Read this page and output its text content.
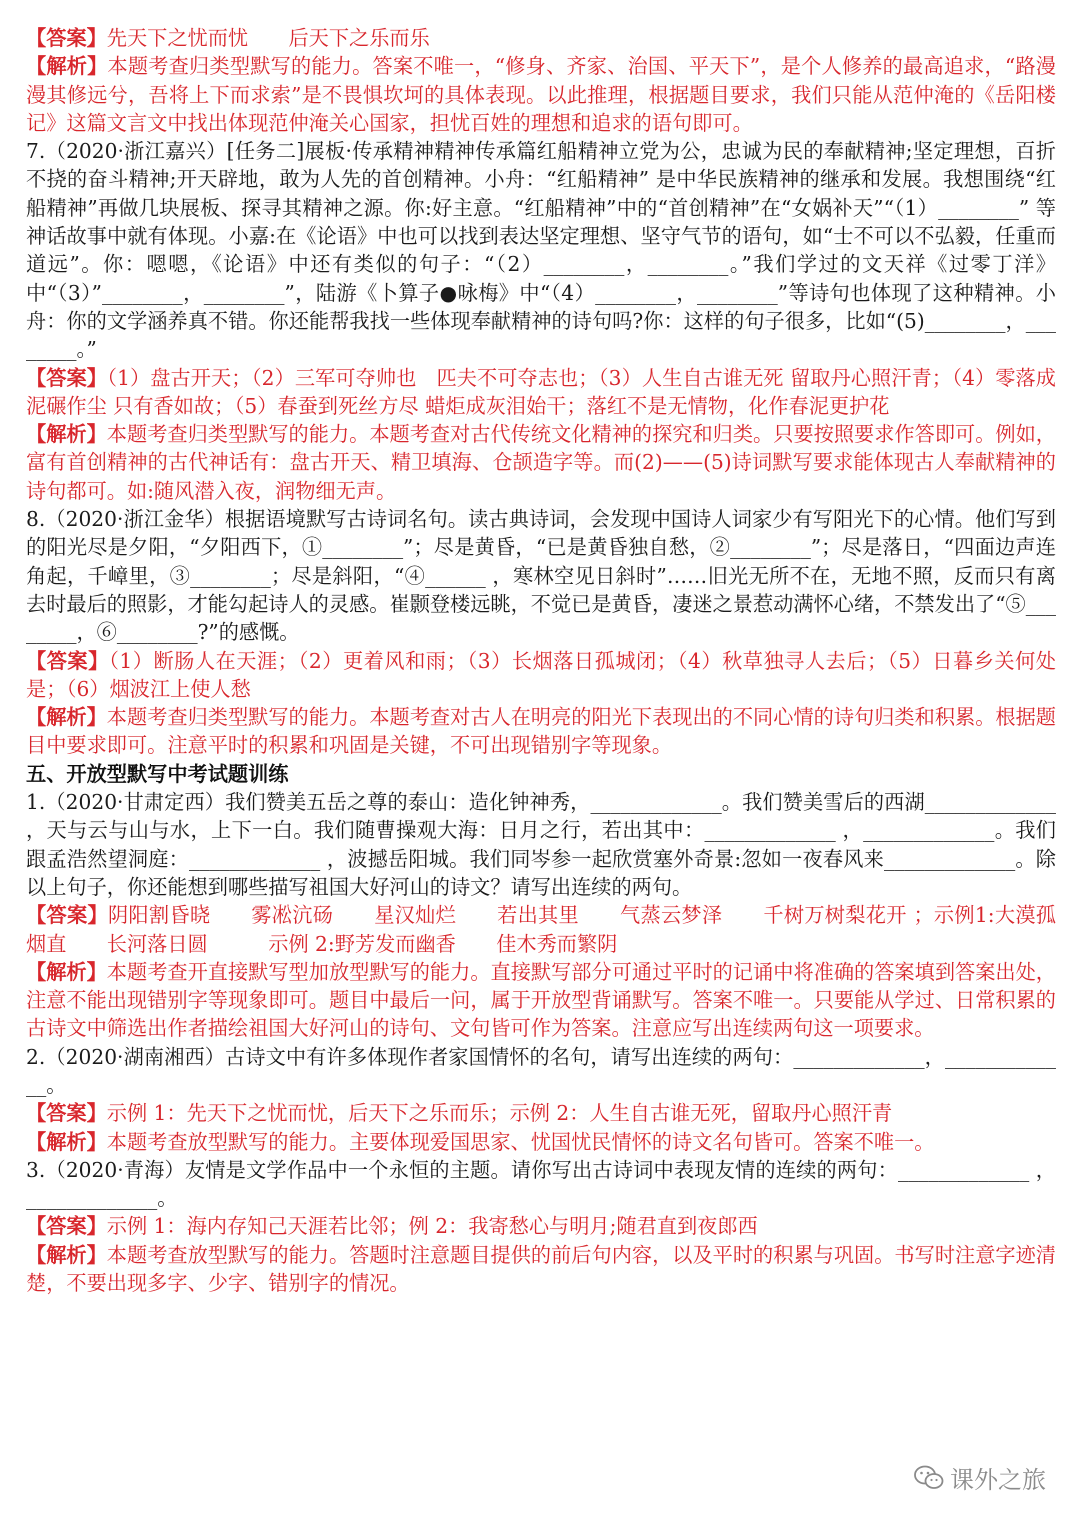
【答案】先天下之忧而忧　　后天下之乐而乐

【解析】本题考查归类型默写的能力。答案不唯一，“修身、齐家、治国、平天下”，是个人修养的最高追求，“路漫漫其修远兮，吾将上下而求索”是不畏惧坎坷的具体表现。以此推理，根据题目要求，我们只能从范仲淹的《岳阳楼记》这篇文言文中找出体现范仲淹关心国家，担忧百姓的理想和追求的语句即可。

7.（2020·浙江嘉兴）[任务二]展板·传承精神精神传承篇红船精神立党为公，忠诚为民的奉献精神;坚定理想，百折不挠的奋斗精神;开天辟地，敢为人先的首创精神。小舟：“红船精神” 是中华民族精神的继承和发展。我想围绕“红船精神”再做几块展板、探寻其精神之源。你:好主意。“红船精神”中的“首创精神”在“女娲补天”“（1）________” 等神话故事中就有体现。小嘉:在《论语》中也可以找到表达坚定理想、坚守气节的语句，如“士不可以不弘毅，任重而道远”。你：嗯嗯，《论语》中还有类似的句子：“（2）________，________。”我们学过的文天祥《过零丁洋》中“（3）”________，________”，陆游《卜算子●咏梅》中“（4）________，________”等诗句也体现了这种精神。小舟：你的文学涵养真不错。你还能帮我找一些体现奉献精神的诗句吗?你：这样的句子很多，比如“(5)________，________。”

【答案】（1）盘古开天；（2）三军可夺帅也　匹夫不可夺志也；（3）人生自古谁无死 留取丹心照汗青；（4）零落成泥碾作尘 只有香如故；（5）春蚕到死丝方尽 蜡炬成灰泪始干；落红不是无情物，化作春泥更护花

【解析】本题考查归类型默写的能力。本题考查对古代传统文化精神的探究和归类。只要按照要求作答即可。例如，富有首创精神的古代神话有：盘古开天、精卫填海、仓颉造字等。而(2)——(5)诗词默写要求能体现古人奉献精神的诗句都可。如:随风潜入夜，润物细无声。

8.（2020·浙江金华）根据语境默写古诗词名句。读古典诗词，会发现中国诗人词家少有写阳光下的心情。他们写到的阳光尽是夕阳，“夕阳西下，①________”；尽是黄昏，“已是黄昏独自愁，②________”；尽是落日，“四面边声连角起，千嶂里，③________；尽是斜阳，“④______ ，寒林空见日斜时”……旧光无所不在，无地不照，反而只有离去时最后的照影，才能勾起诗人的灵感。崔颢登楼远眺，不觉已是黄昏，凄迷之景惹动满怀心绪，不禁发出了“⑤________，⑥________?”的感慨。

【答案】（1）断肠人在天涯；（2）更着风和雨；（3）长烟落日孤城闭；（4）秋草独寻人去后；（5）日暮乡关何处是；（6）烟波江上使人愁

【解析】本题考查归类型默写的能力。本题考查对古人在明亮的阳光下表现出的不同心情的诗句归类和积累。根据题目中要求即可。注意平时的积累和巩固是关键，不可出现错别字等现象。

五、开放型默写中考试题训练

1.（2020·甘肃定西）我们赞美五岳之尊的泰山：造化钟神秀，_____________。我们赞美雪后的西湖_____________ ，天与云与山与水，上下一白。我们随曹操观大海：日月之行，若出其中：_____________ ，_____________。我们跟孟浩然望洞庭：_____________ ，波撼岳阳城。我们同岑参一起欣赏塞外奇景:忽如一夜春风来_____________。除以上句子，你还能想到哪些描写祖国大好河山的诗文？请写出连续的两句。

【答案】阴阳割昏晓　　雾凇沆砀　　星汉灿烂　　若出其里　　气蒸云梦泽　　千树万树梨花开 ；示例1:大漠孤烟直　　长河落日圆　　　示例 2:野芳发而幽香　　佳木秀而繁阴

【解析】本题考查开直接默写型加放型默写的能力。直接默写部分可通过平时的记诵中将准确的答案填到答案出处，注意不能出现错别字等现象即可。题目中最后一问，属于开放型背诵默写。答案不唯一。只要能从学过、日常积累的古诗文中筛选出作者描绘祖国大好河山的诗句、文句皆可作为答案。注意应写出连续两句这一项要求。

2.（2020·湖南湘西）古诗文中有许多体现作者家国情怀的名句，请写出连续的两句：_____________，_____________。

【答案】示例 1：先天下之忧而忧，后天下之乐而乐；示例 2：人生自古谁无死，留取丹心照汗青

【解析】本题考查放型默写的能力。主要体现爱国思家、忧国忧民情怀的诗文名句皆可。答案不唯一。

3.（2020·青海）友情是文学作品中一个永恒的主题。请你写出古诗词中表现友情的连续的两句：_____________ ，_____________。

【答案】示例 1：海内存知己天涯若比邻；例 2：我寄愁心与明月;随君直到夜郎西

【解析】本题考查放型默写的能力。答题时注意题目提供的前后句内容，以及平时的积累与巩固。书写时注意字迹清楚，不要出现多字、少字、错别字的情况。

课外之旅
